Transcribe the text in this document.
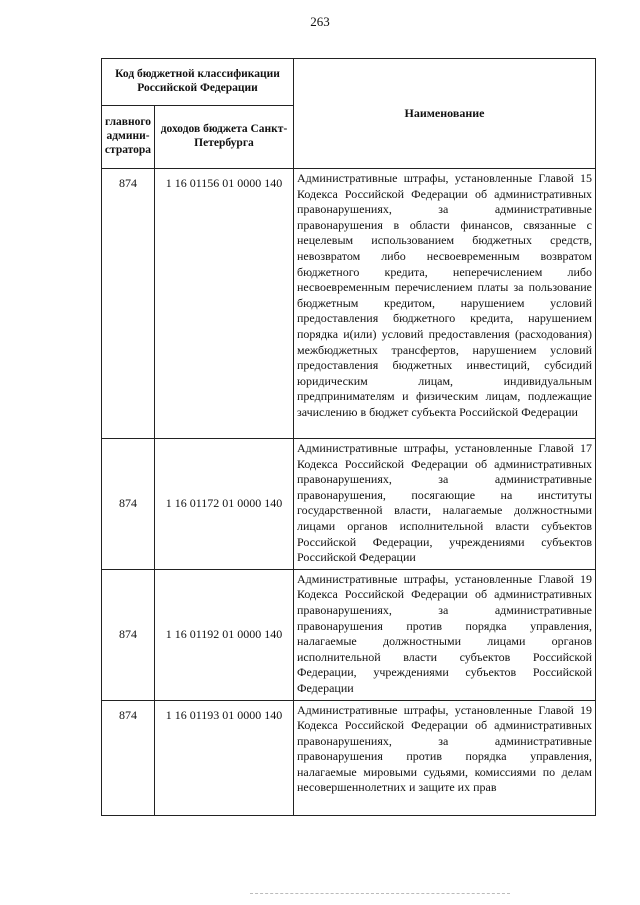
263
Код бюджетной классификации Российской Федерации		Наименование
главного админи-стратора	доходов бюджета Санкт-Петербурга	
874	1 16 01156 01 0000 140	Административные штрафы, установленные Главой 15 Кодекса Российской Федерации об административных правонарушениях, за административные правонарушения в области финансов, связанные с нецелевым использованием бюджетных средств, невозвратом либо несвоевременным возвратом бюджетного кредита, неперечислением либо несвоевременным перечислением платы за пользование бюджетным кредитом, нарушением условий предоставления бюджетного кредита, нарушением порядка и(или) условий предоставления (расходования) межбюджетных трансфертов, нарушением условий предоставления бюджетных инвестиций, субсидий юридическим лицам, индивидуальным предпринимателям и физическим лицам, подлежащие зачислению в бюджет субъекта Российской Федерации
874	1 16 01172 01 0000 140	Административные штрафы, установленные Главой 17 Кодекса Российской Федерации об административных правонарушениях, за административные правонарушения, посягающие на институты государственной власти, налагаемые должностными лицами органов исполнительной власти субъектов Российской Федерации, учреждениями субъектов Российской Федерации
874	1 16 01192 01 0000 140	Административные штрафы, установленные Главой 19 Кодекса Российской Федерации об административных правонарушениях, за административные правонарушения против порядка управления, налагаемые должностными лицами органов исполнительной власти субъектов Российской Федерации, учреждениями субъектов Российской Федерации
874	1 16 01193 01 0000 140	Административные штрафы, установленные Главой 19 Кодекса Российской Федерации об административных правонарушениях, за административные правонарушения против порядка управления, налагаемые мировыми судьями, комиссиями по делам несовершеннолетних и защите их прав
